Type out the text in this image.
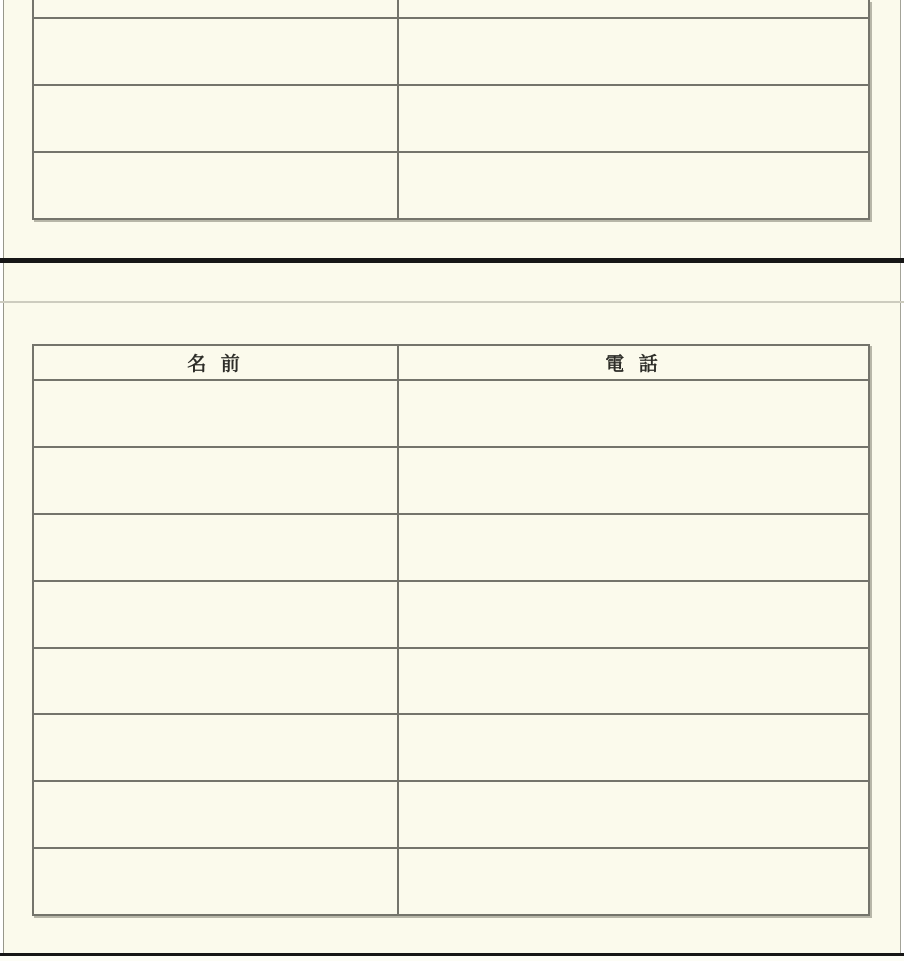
名 前	電 話
